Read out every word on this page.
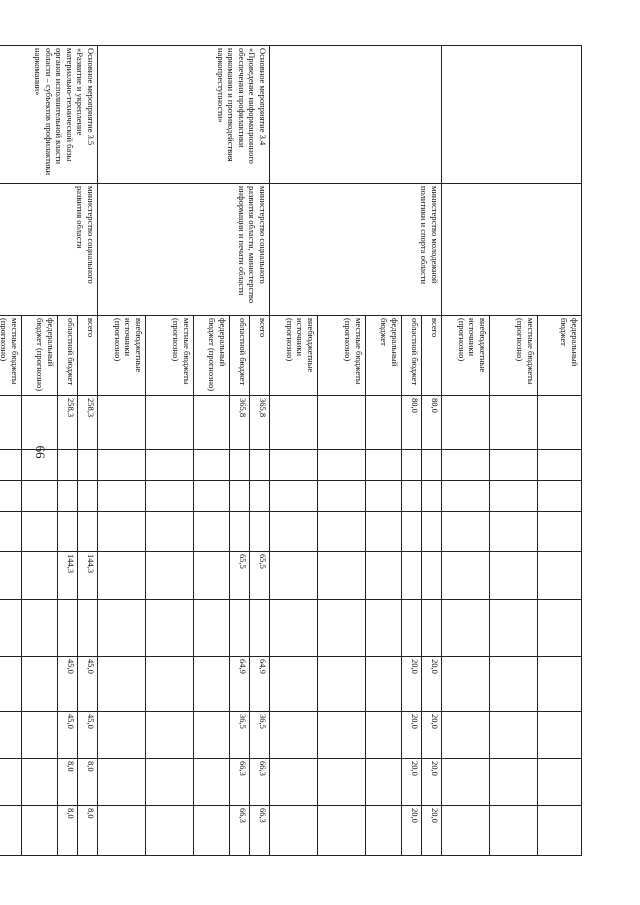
66
		федеральный бюджет										
		местные бюджеты (прогнозно)										
		внебюджетные источники (прогнозно)										
	министерство молодежной политики и спорта области	всего	80,0						20,0	20,0	20,0	20,0
		областной бюджет	80,0						20,0	20,0	20,0	20,0
		федеральный бюджет										
		местные бюджеты (прогнозно)										
		внебюджетные источники (прогнозно)										
Основное мероприятие 3.4 «Проведение информационного обеспечения профилактики наркомании и противодействия наркопреступности»	министерство социального развития области, министерство информации и печати области	всего	365,8				65,5		64,9	36,5	66,3	66,3
		областной бюджет	365,8				65,5		64,9	36,5	66,3	66,3
		федеральный бюджет (прогнозно)										
		местные бюджеты (прогнозно)										
		внебюджетные источники (прогнозно)										
Основное мероприятие 3.5 «Развитие и укрепление материально-технической базы органов исполнительной власти области – субъектов профилактики наркомании»	министерство социального развития области	всего	258,3				144,3		45,0	45,0	8,0	8,0
		областной бюджет	258,3				144,3		45,0	45,0	8,0	8,0
		федеральный бюджет (прогнозно)										
		местные бюджеты (прогнозно)										
